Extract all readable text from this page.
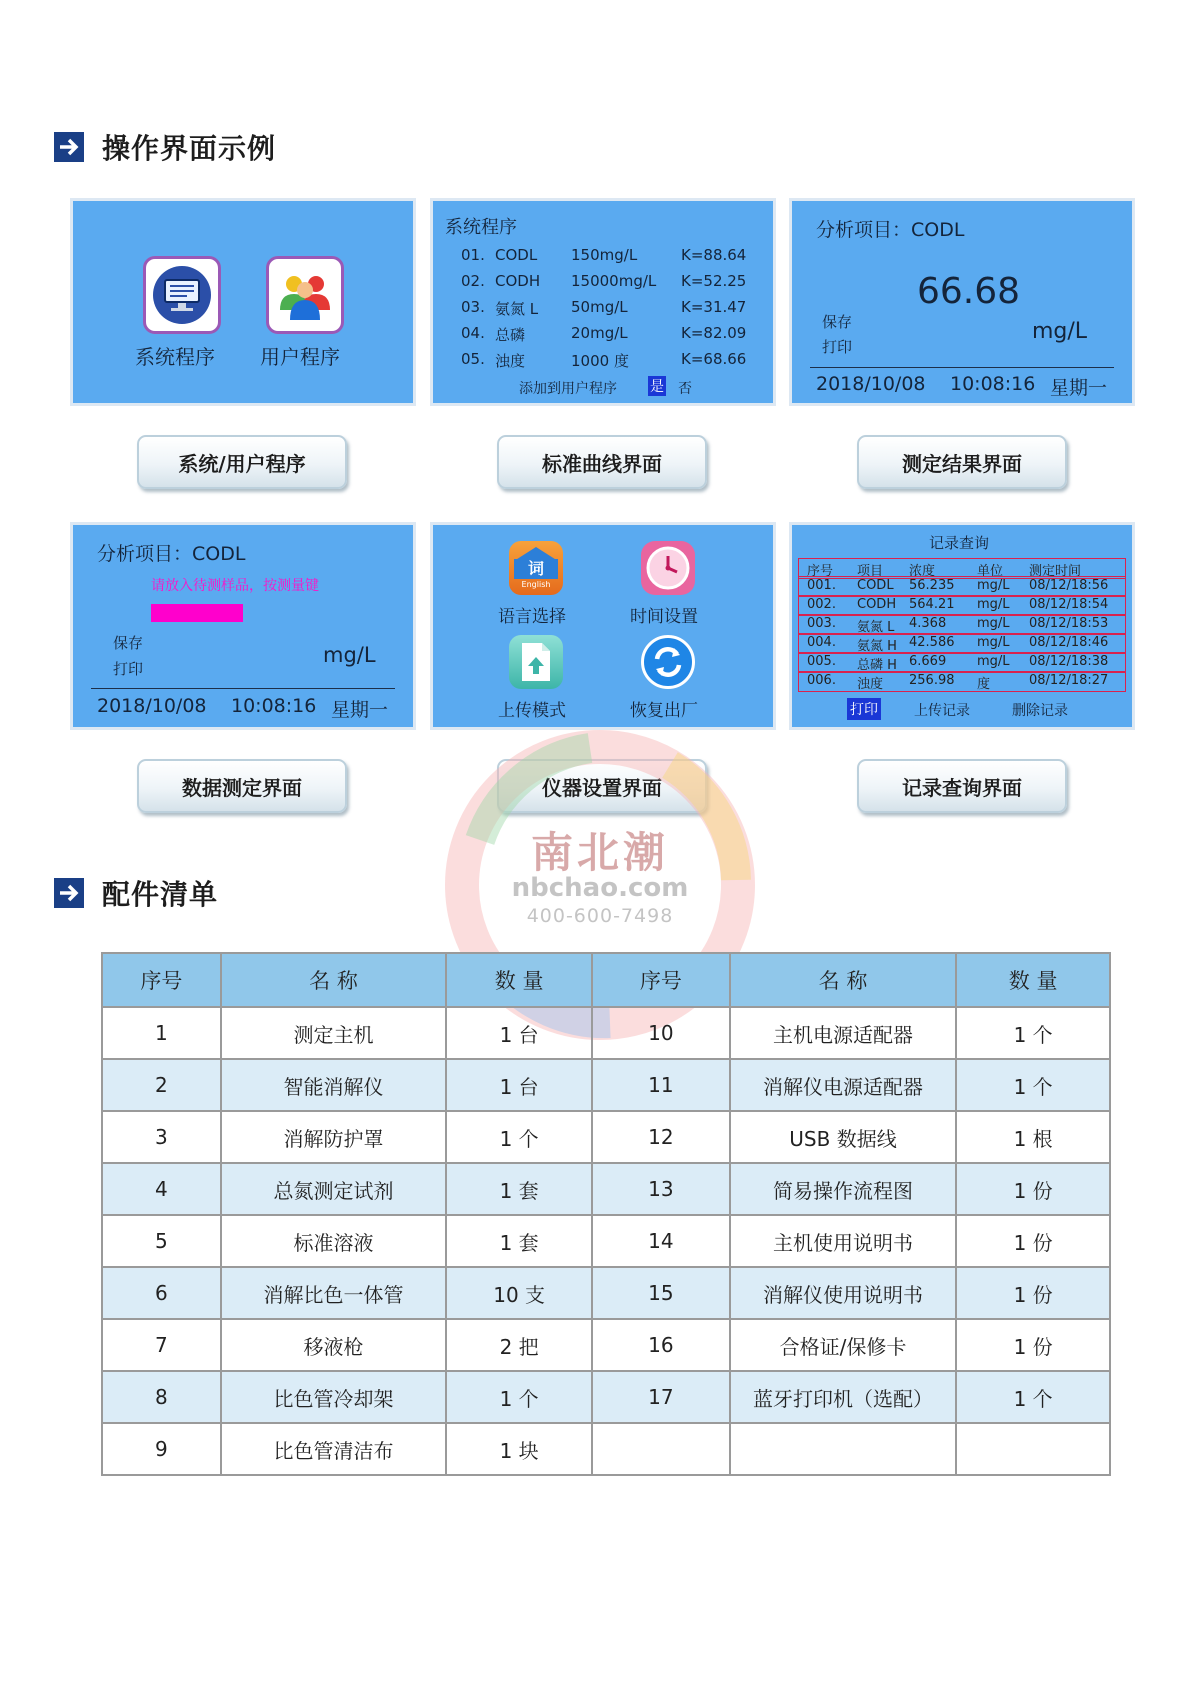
操作界面示例
系统程序 用户程序
系统程序
01. CODL 150mg/L	K=88.64
02. CODH 15000mg/L K=52.25
03. 氨氮 L 50mg/L	K=31.47
04. 总磷	20mg/L	K=82.09
05. 浊度	1000 度	K=68.66
添加到用户程序 是 否
分析项目：CODL
66.68
mg/L
保存
打印
2018/10/08 10:08:16 星期一
系统/用户程序	标准曲线界面	测定结果界面
分析项目：CODL
请放入待测样品，按测量键
保存
打印
mg/L
2018/10/08 10:08:16 星期一
词
English
语言选择	时间设置
上传模式	恢复出厂
记录查询
序号 项目 浓度	单位 测定时间
001. CODL 56.235 mg/L 08/12/18:56
002. CODH 564.21 mg/L 08/12/18:54
003. 氨氮 L 4.368 mg/L 08/12/18:53
004. 氨氮 H 42.586 mg/L 08/12/18:46
005. 总磷 H 6.669 mg/L 08/12/18:38
006. 浊度 256.98 度	08/12/18:27
打印	上传记录	删除记录
数据测定界面	仪器设置界面	记录查询界面
南北潮
nbchao.com
400-600-7498
配件清单
序号	名 称	数 量	序号	名 称	数 量
1	测定主机	1 台	10	主机电源适配器	1 个
2	智能消解仪	1 台	11	消解仪电源适配器	1 个
3	消解防护罩	1 个	12	USB 数据线	1 根
4	总氮测定试剂	1 套	13	简易操作流程图	1 份
5	标准溶液	1 套	14	主机使用说明书	1 份
6	消解比色一体管	10 支	15	消解仪使用说明书	1 份
7	移液枪	2 把	16	合格证/保修卡	1 份
8	比色管冷却架	1 个	17	蓝牙打印机（选配）	1 个
9	比色管清洁布	1 块			
